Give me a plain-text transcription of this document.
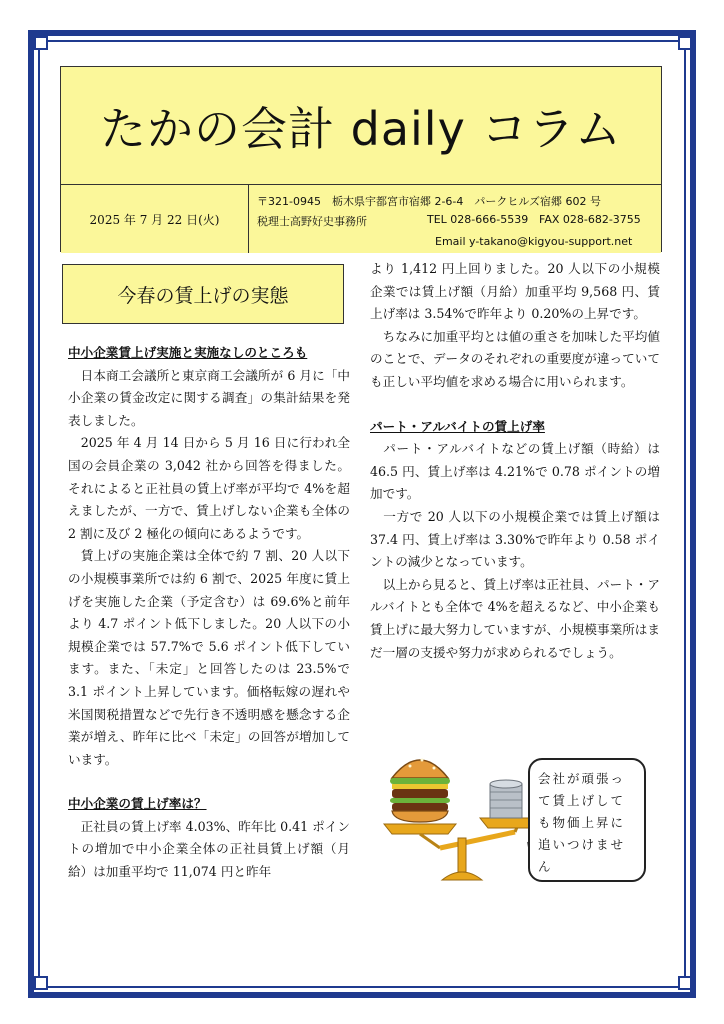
たかの会計 daily コラム
2025 年 7 月 22 日(火)
〒321-0945　栃木県宇都宮市宿郷 2-6-4　パークヒルズ宿郷 602 号
税理士高野好史事務所	TEL 028-666-5539 FAX 028-682-3755
Email y-takano@kigyou-support.net
今春の賃上げの実態

中小企業賃上げ実施と実施なしのところも

　日本商工会議所と東京商工会議所が 6 月に「中小企業の賃金改定に関する調査」の集計結果を発表しました。

　2025 年 4 月 14 日から 5 月 16 日に行われ全国の会員企業の 3,042 社から回答を得ました。それによると正社員の賃上げ率が平均で 4%を超えましたが、一方で、賃上げしない企業も全体の 2 割に及び 2 極化の傾向にあるようです。

　賃上げの実施企業は全体で約 7 割、20 人以下の小規模事業所では約 6 割で、2025 年度に賃上げを実施した企業（予定含む）は 69.6%と前年より 4.7 ポイント低下しました。20 人以下の小規模企業では 57.7%で 5.6 ポイント低下しています。また、「未定」と回答したのは 23.5%で 3.1 ポイント上昇しています。価格転嫁の遅れや米国関税措置などで先行き不透明感を懸念する企業が増え、昨年に比べ「未定」の回答が増加しています。

中小企業の賃上げ率は？

　正社員の賃上げ率 4.03%、昨年比 0.41 ポイントの増加で中小企業全体の正社員賃上げ額（月給）は加重平均で 11,074 円と昨年

より 1,412 円上回りました。20 人以下の小規模企業では賃上げ額（月給）加重平均 9,568 円、賃上げ率は 3.54%で昨年より 0.20%の上昇です。

　ちなみに加重平均とは値の重さを加味した平均値のことで、データのそれぞれの重要度が違っていても正しい平均値を求める場合に用いられます。

パート・アルバイトの賃上げ率

　パート・アルバイトなどの賃上げ額（時給）は 46.5 円、賃上げ率は 4.21%で 0.78 ポイントの増加です。

　一方で 20 人以下の小規模企業では賃上げ額は 37.4 円、賃上げ率は 3.30%で昨年より 0.58 ポイントの減少となっています。

　以上から見ると、賃上げ率は正社員、パート・アルバイトとも全体で 4%を超えるなど、中小企業も賃上げに最大努力していますが、小規模事業所はまだ一層の支援や努力が求められるでしょう。

会社が頑張っ
て賃上げして
も物価上昇に
追いつけませ
ん
